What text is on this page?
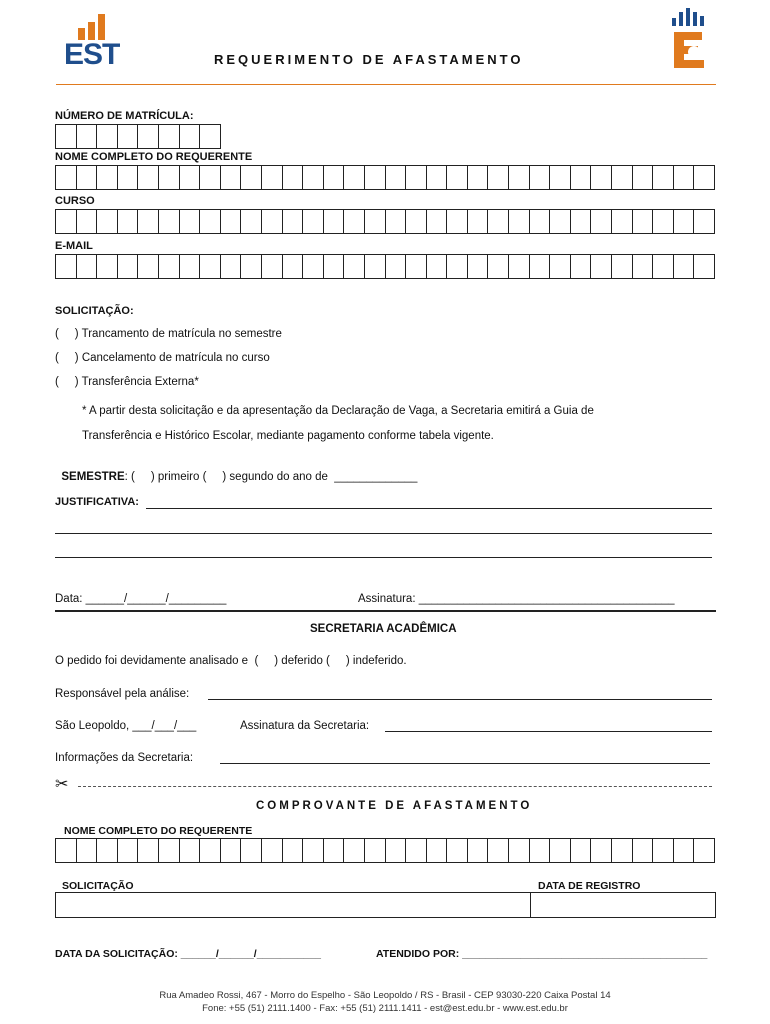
EST	REQUERIMENTO DE AFASTAMENTO
NÚMERO DE MATRÍCULA:
NOME COMPLETO DO REQUERENTE
CURSO
E-MAIL
SOLICITAÇÃO:
(     ) Trancamento de matrícula no semestre
(     ) Cancelamento de matrícula no curso
(     ) Transferência Externa*
* A partir desta solicitação e da apresentação da Declaração de Vaga, a Secretaria emitirá a Guia de
Transferência e Histórico Escolar, mediante pagamento conforme tabela vigente.

SEMESTRE: (     ) primeiro (     ) segundo do ano de  _____________

JUSTIFICATIVA:
Data: ______/______/_________	Assinatura: ________________________________________
SECRETARIA ACADÊMICA
O pedido foi devidamente analisado e  (     ) deferido (     ) indeferido.
Responsável pela análise:
São Leopoldo, ___/___/___	Assinatura da Secretaria:
Informações da Secretaria:
✂
COMPROVANTE DE AFASTAMENTO
NOME COMPLETO DO REQUERENTE
SOLICITAÇÃO	DATA DE REGISTRO
DATA DA SOLICITAÇÃO: ______/______/___________	ATENDIDO POR: __________________________________________
Rua Amadeo Rossi, 467 - Morro do Espelho - São Leopoldo / RS - Brasil - CEP 93030-220 Caixa Postal 14
Fone: +55 (51) 2111.1400 - Fax: +55 (51) 2111.1411 - est@est.edu.br - www.est.edu.br
